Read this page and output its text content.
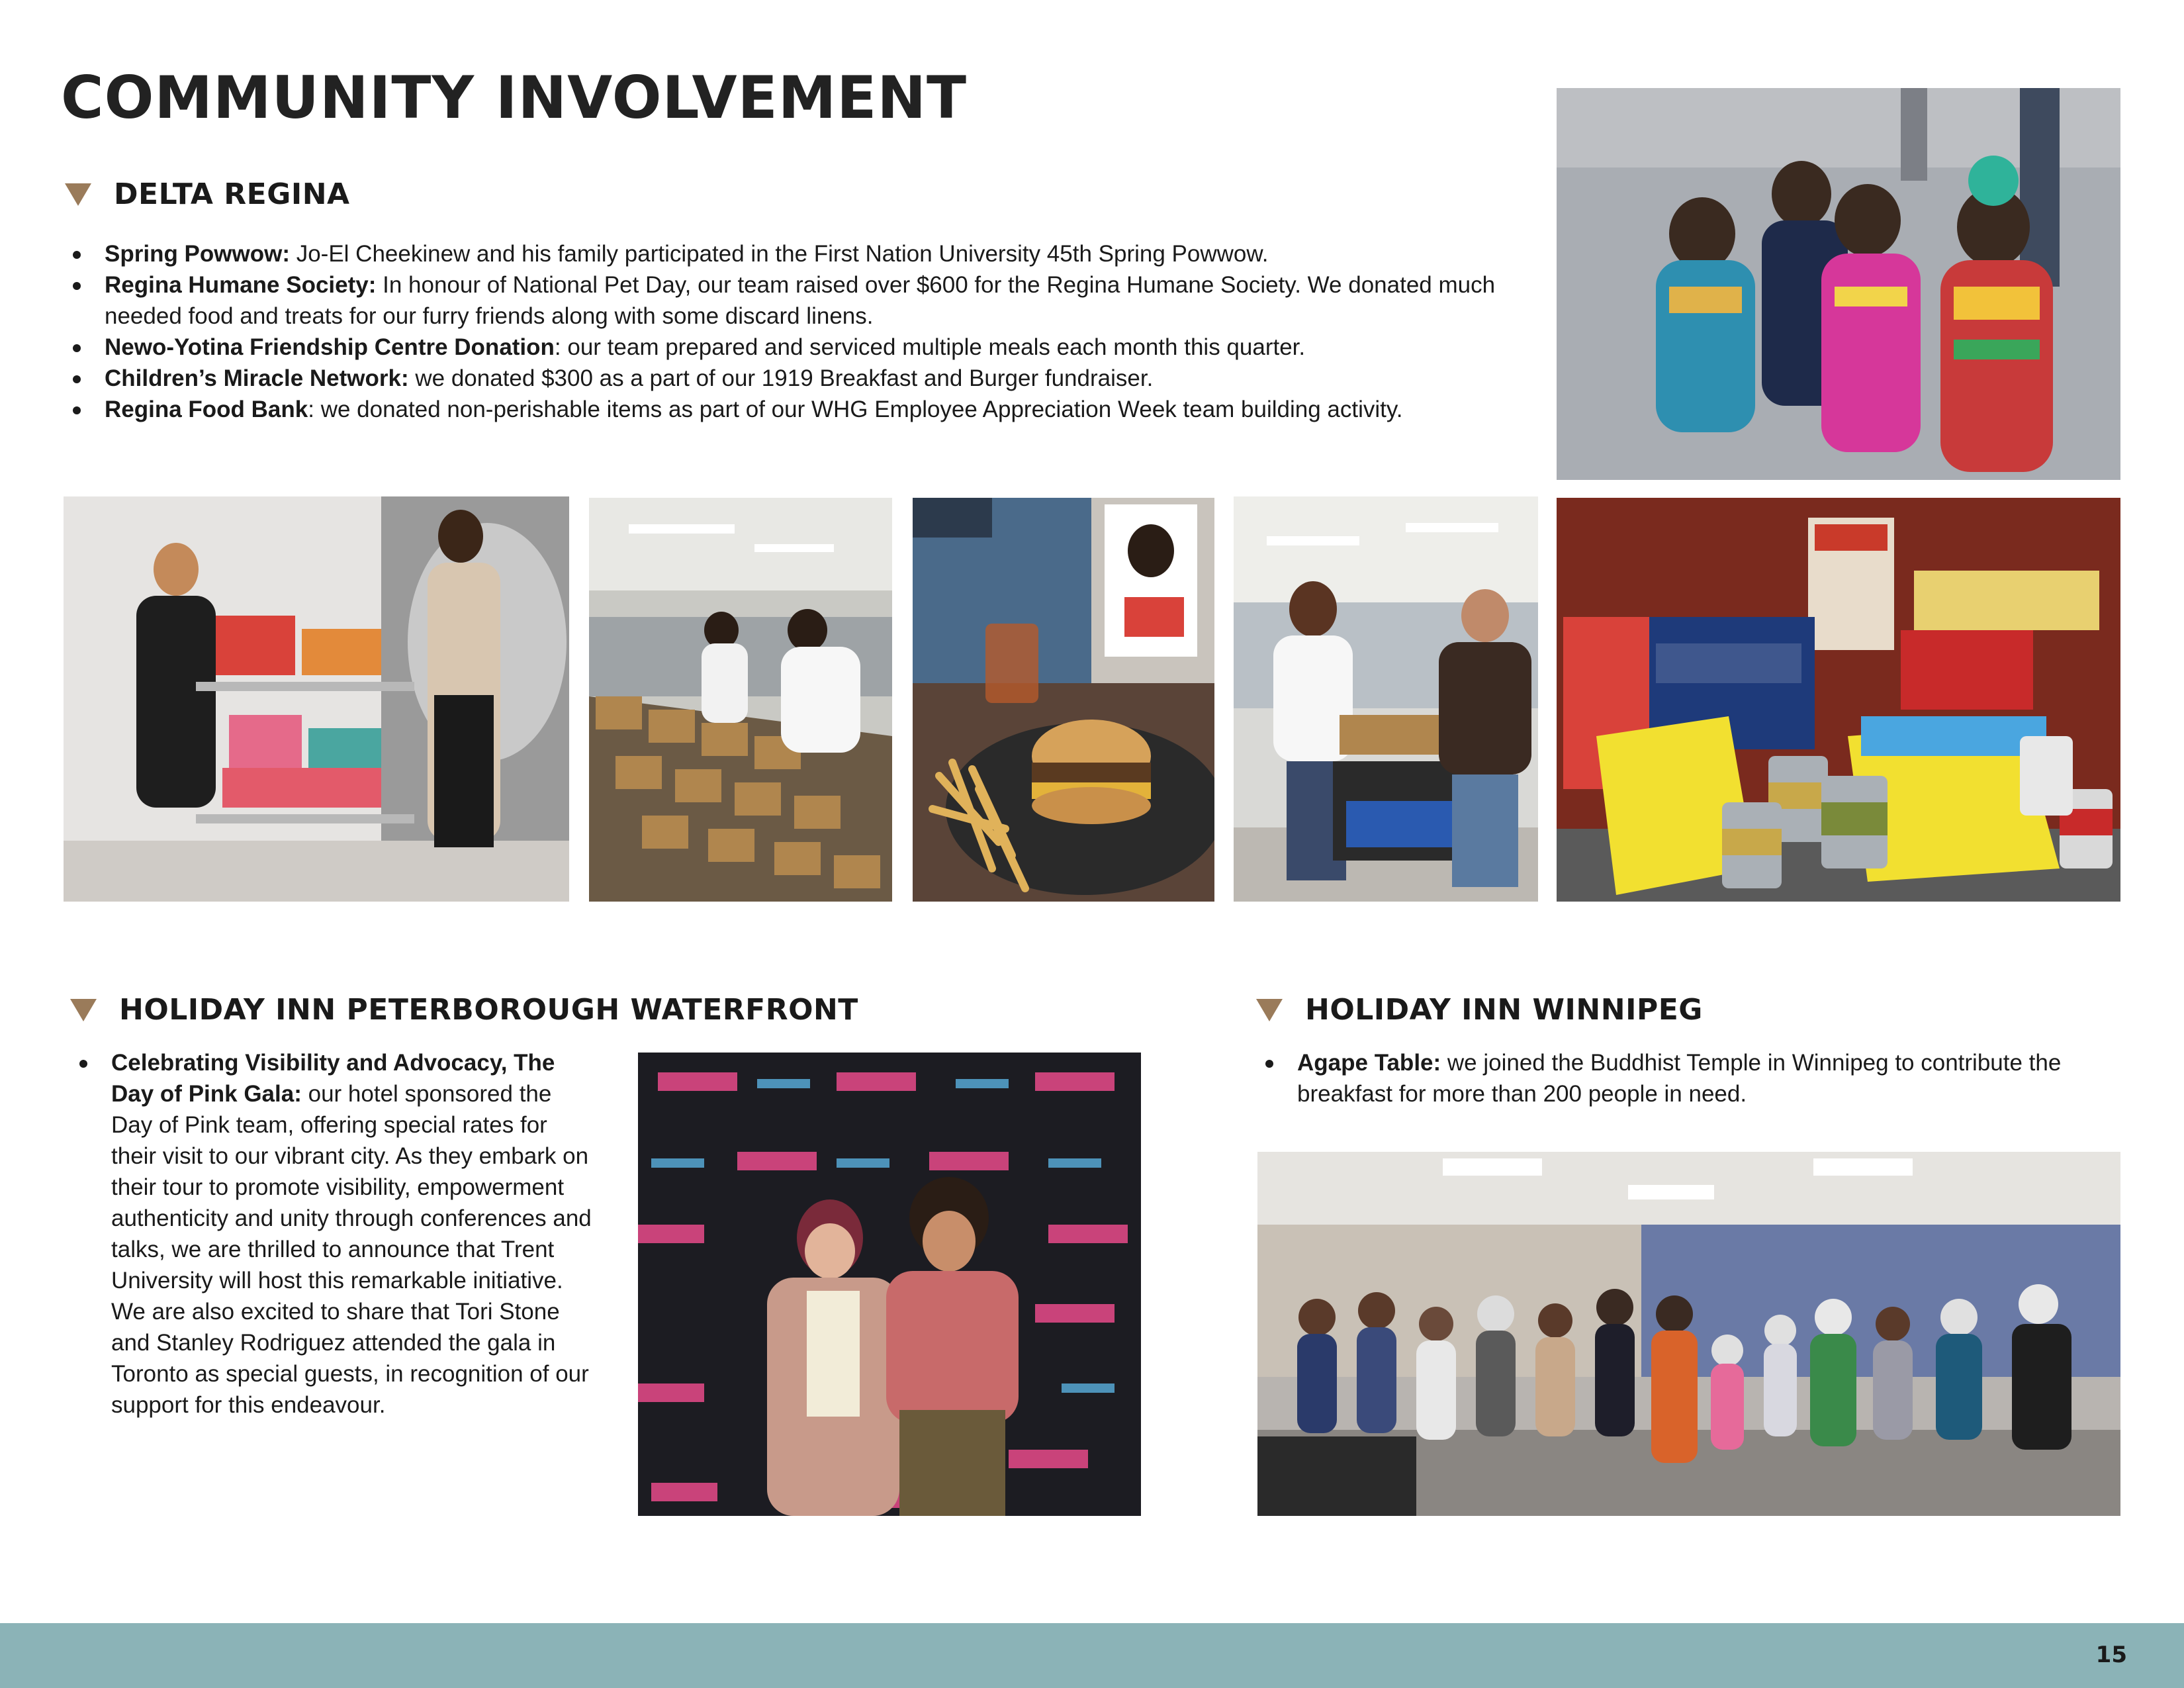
COMMUNITY INVOLVEMENT
DELTA REGINA
Spring Powwow: Jo-El Cheekinew and his family participated in the First Nation University 45th Spring Powwow.
Regina Humane Society: In honour of National Pet Day, our team raised over $600 for the Regina Humane Society. We donated much needed food and treats for our furry friends along with some discard linens.
Newo-Yotina Friendship Centre Donation: our team prepared and serviced multiple meals each month this quarter.
Children’s Miracle Network: we donated $300 as a part of our 1919 Breakfast and Burger fundraiser.
Regina Food Bank: we donated non-perishable items as part of our WHG Employee Appreciation Week team building activity.
HOLIDAY INN PETERBOROUGH WATERFRONT
Celebrating Visibility and Advocacy, The Day of Pink Gala: our hotel sponsored the Day of Pink team, offering special rates for their visit to our vibrant city. As they embark on their tour to promote visibility, empowerment authenticity and unity through conferences and talks, we are thrilled to announce that Trent University will host this remarkable initiative. We are also excited to share that Tori Stone and Stanley Rodriguez attended the gala in Toronto as special guests, in recognition of our support for this endeavour.
HOLIDAY INN WINNIPEG
Agape Table: we joined the Buddhist Temple in Winnipeg to contribute the breakfast for more than 200 people in need.
15
